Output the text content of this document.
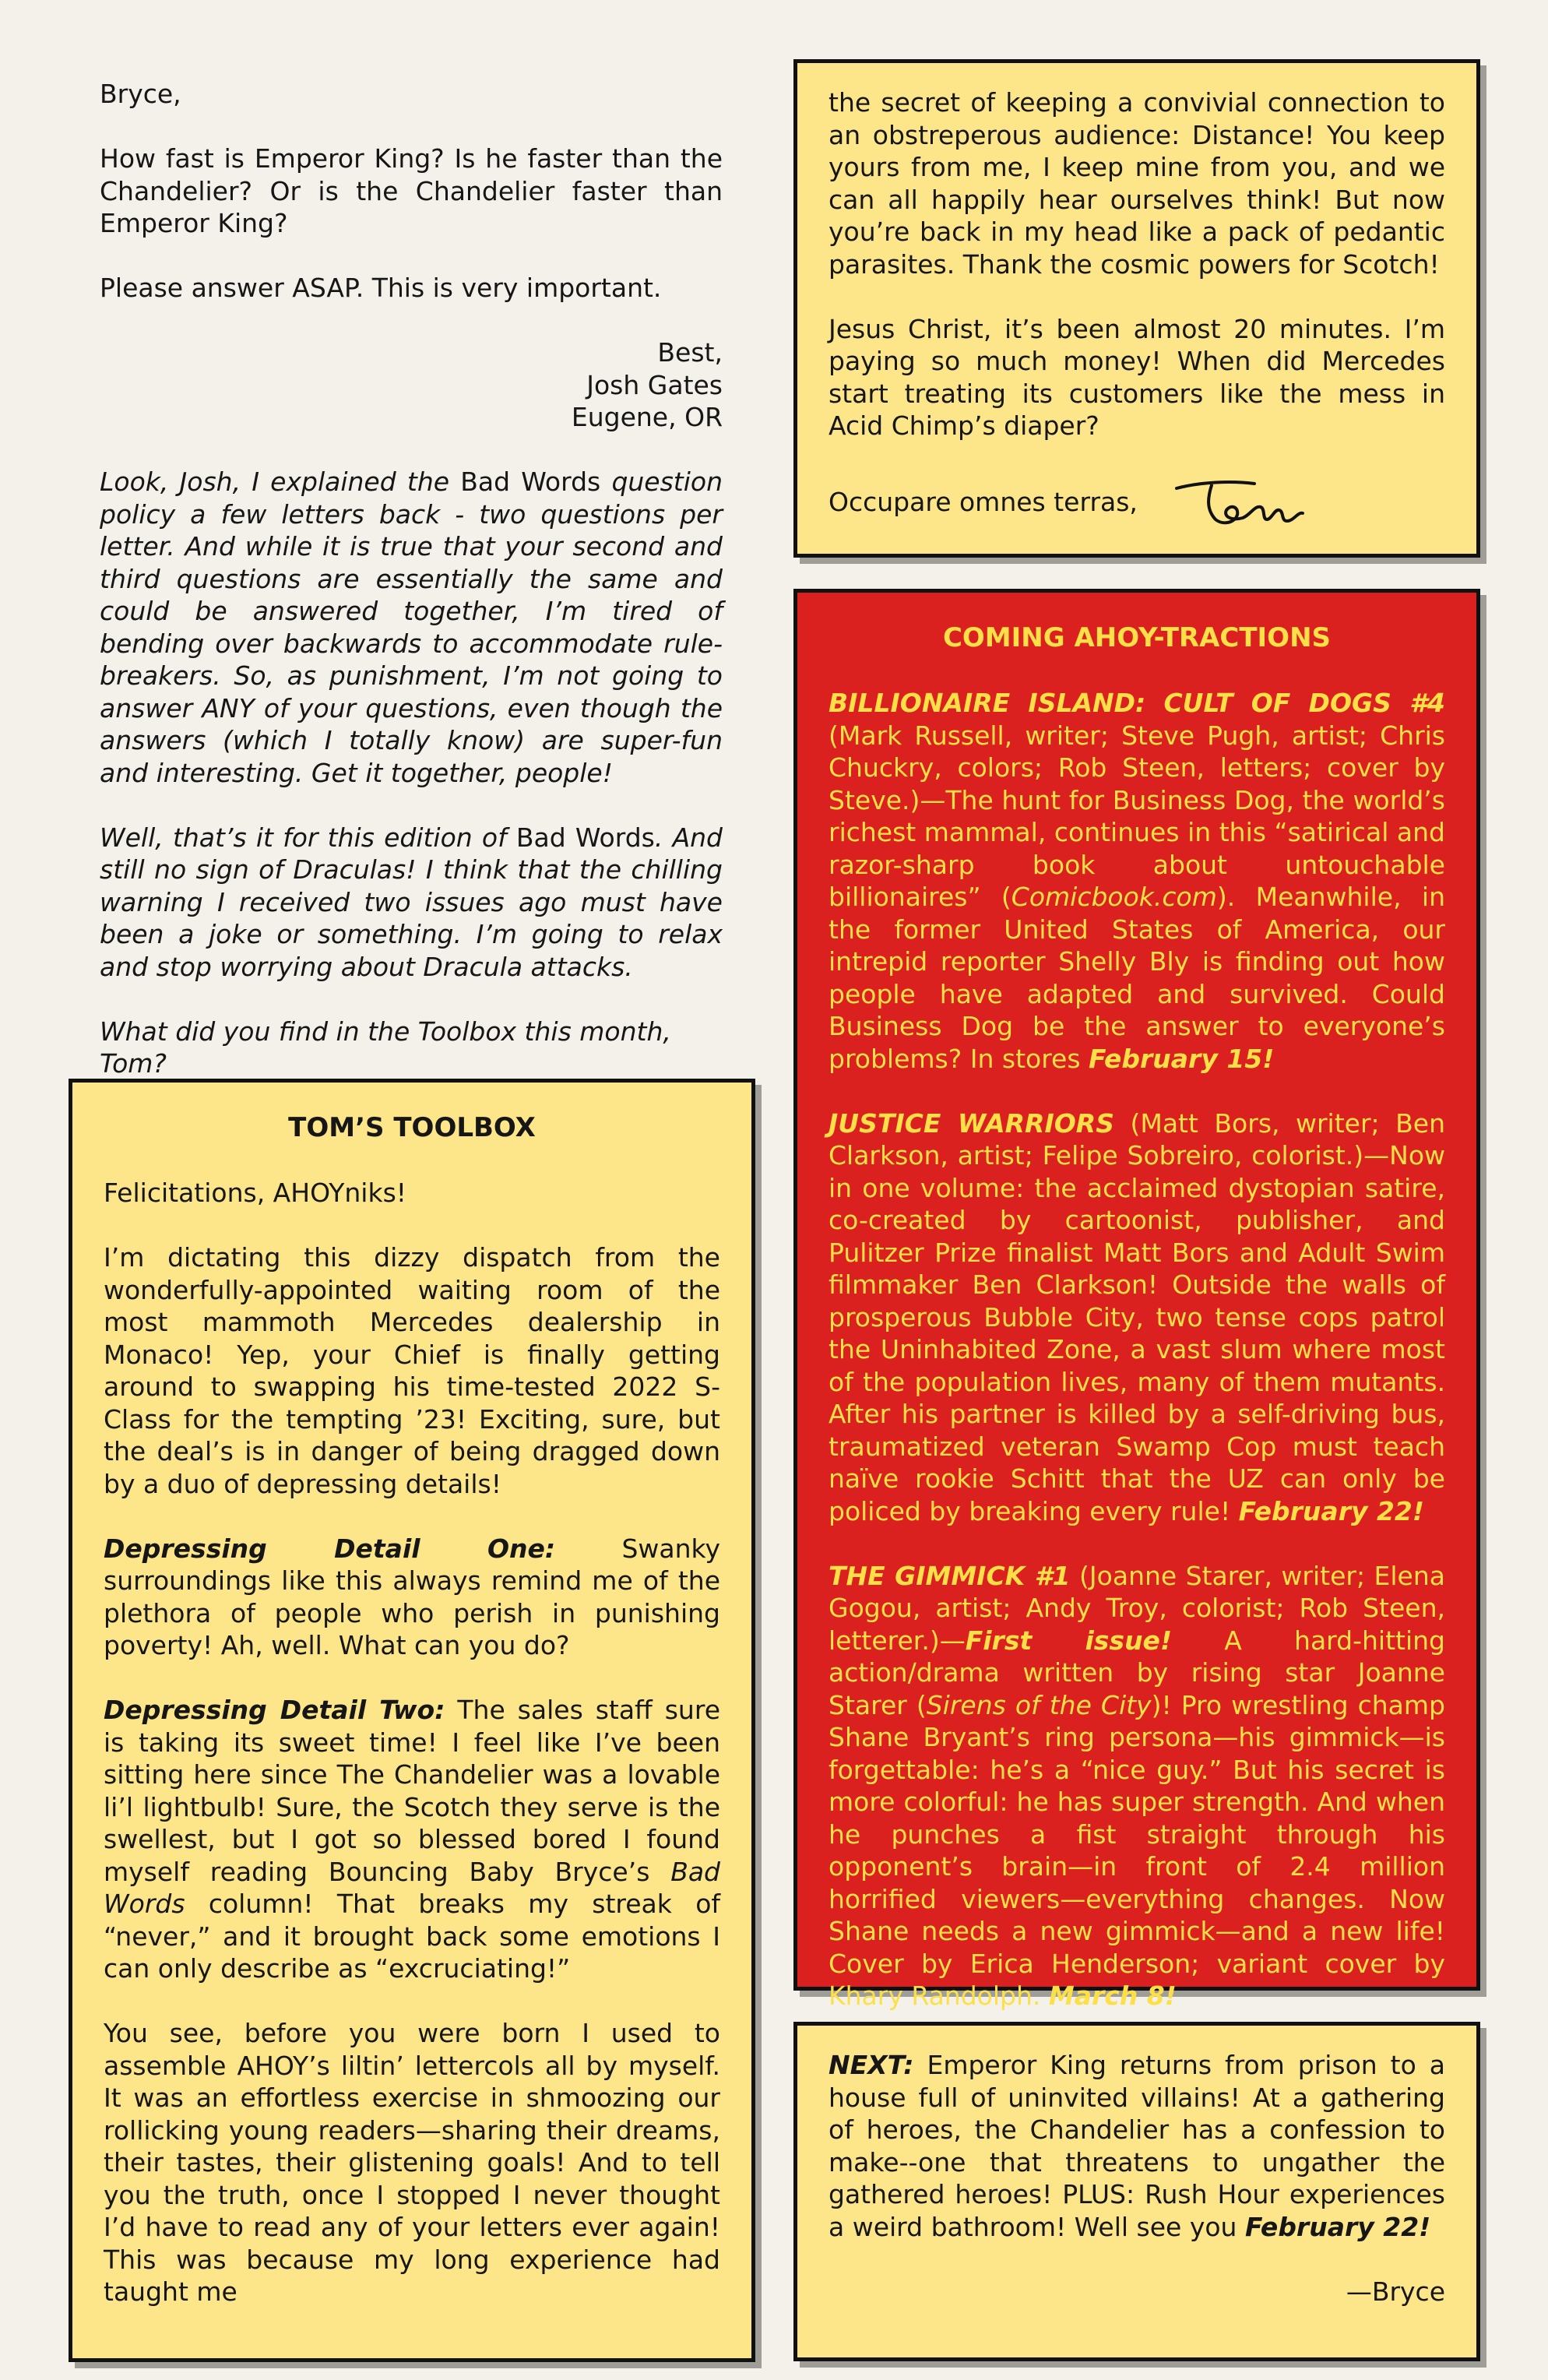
Bryce,

How fast is Emperor King? Is he faster than the Chandelier? Or is the Chandelier faster than Emperor King?

Please answer ASAP. This is very important.

Best,
Josh Gates
Eugene, OR

Look, Josh, I explained the Bad Words question policy a few letters back - two questions per letter. And while it is true that your second and third questions are essentially the same and could be answered together, I’m tired of bending over backwards to accommodate rule-breakers. So, as punishment, I’m not going to answer ANY of your questions, even though the answers (which I totally know) are super-fun and interesting. Get it together, people!

Well, that’s it for this edition of Bad Words. And still no sign of Draculas! I think that the chilling warning I received two issues ago must have been a joke or something. I’m going to relax and stop worrying about Dracula attacks.

What did you find in the Toolbox this month, Tom?

TOM’S TOOLBOX

Felicitations, AHOYniks!

I’m dictating this dizzy dispatch from the wonderfully-appointed waiting room of the most mammoth Mercedes dealership in Monaco! Yep, your Chief is finally getting around to swapping his time-tested 2022 S-Class for the tempting ’23! Exciting, sure, but the deal’s is in danger of being dragged down by a duo of depressing details!

Depressing Detail One: Swanky surroundings like this always remind me of the plethora of people who perish in punishing poverty! Ah, well. What can you do?

Depressing Detail Two: The sales staff sure is taking its sweet time! I feel like I’ve been sitting here since The Chandelier was a lovable li’l lightbulb! Sure, the Scotch they serve is the swellest, but I got so blessed bored I found myself reading Bouncing Baby Bryce’s Bad Words column! That breaks my streak of “never,” and it brought back some emotions I can only describe as “excruciating!”

You see, before you were born I used to assemble AHOY’s liltin’ lettercols all by myself. It was an effortless exercise in shmoozing our rollicking young readers—sharing their dreams, their tastes, their glistening goals! And to tell you the truth, once I stopped I never thought I’d have to read any of your letters ever again! This was because my long experience had taught me

the secret of keeping a convivial connection to an obstreperous audience: Distance! You keep yours from me, I keep mine from you, and we can all happily hear ourselves think! But now you’re back in my head like a pack of pedantic parasites. Thank the cosmic powers for Scotch!

Jesus Christ, it’s been almost 20 minutes. I’m paying so much money! When did Mercedes start treating its customers like the mess in Acid Chimp’s diaper?

Occupare omnes terras,
COMING AHOY-TRACTIONS

BILLIONAIRE ISLAND: CULT OF DOGS #4 (Mark Russell, writer; Steve Pugh, artist; Chris Chuckry, colors; Rob Steen, letters; cover by Steve.)—The hunt for Business Dog, the world’s richest mammal, continues in this “satirical and razor-sharp book about untouchable billionaires” (Comicbook.com). Meanwhile, in the former United States of America, our intrepid reporter Shelly Bly is finding out how people have adapted and survived. Could Business Dog be the answer to everyone’s problems? In stores February 15!

JUSTICE WARRIORS (Matt Bors, writer; Ben Clarkson, artist; Felipe Sobreiro, colorist.)—Now in one volume: the acclaimed dystopian satire, co-created by cartoonist, publisher, and Pulitzer Prize finalist Matt Bors and Adult Swim filmmaker Ben Clarkson! Outside the walls of prosperous Bubble City, two tense cops patrol the Uninhabited Zone, a vast slum where most of the population lives, many of them mutants. After his partner is killed by a self-driving bus, traumatized veteran Swamp Cop must teach naïve rookie Schitt that the UZ can only be policed by breaking every rule! February 22!

THE GIMMICK #1 (Joanne Starer, writer; Elena Gogou, artist; Andy Troy, colorist; Rob Steen, letterer.)—First issue! A hard-hitting action/drama written by rising star Joanne Starer (Sirens of the City)! Pro wrestling champ Shane Bryant’s ring persona—his gimmick—is forgettable: he’s a “nice guy.” But his secret is more colorful: he has super strength. And when he punches a fist straight through his opponent’s brain—in front of 2.4 million horrified viewers—everything changes. Now Shane needs a new gimmick—and a new life! Cover by Erica Henderson; variant cover by Khary Randolph. March 8!

NEXT: Emperor King returns from prison to a house full of uninvited villains! At a gathering of heroes, the Chandelier has a confession to make--one that threatens to ungather the gathered heroes! PLUS: Rush Hour experiences a weird bathroom! Well see you February 22!

—Bryce
